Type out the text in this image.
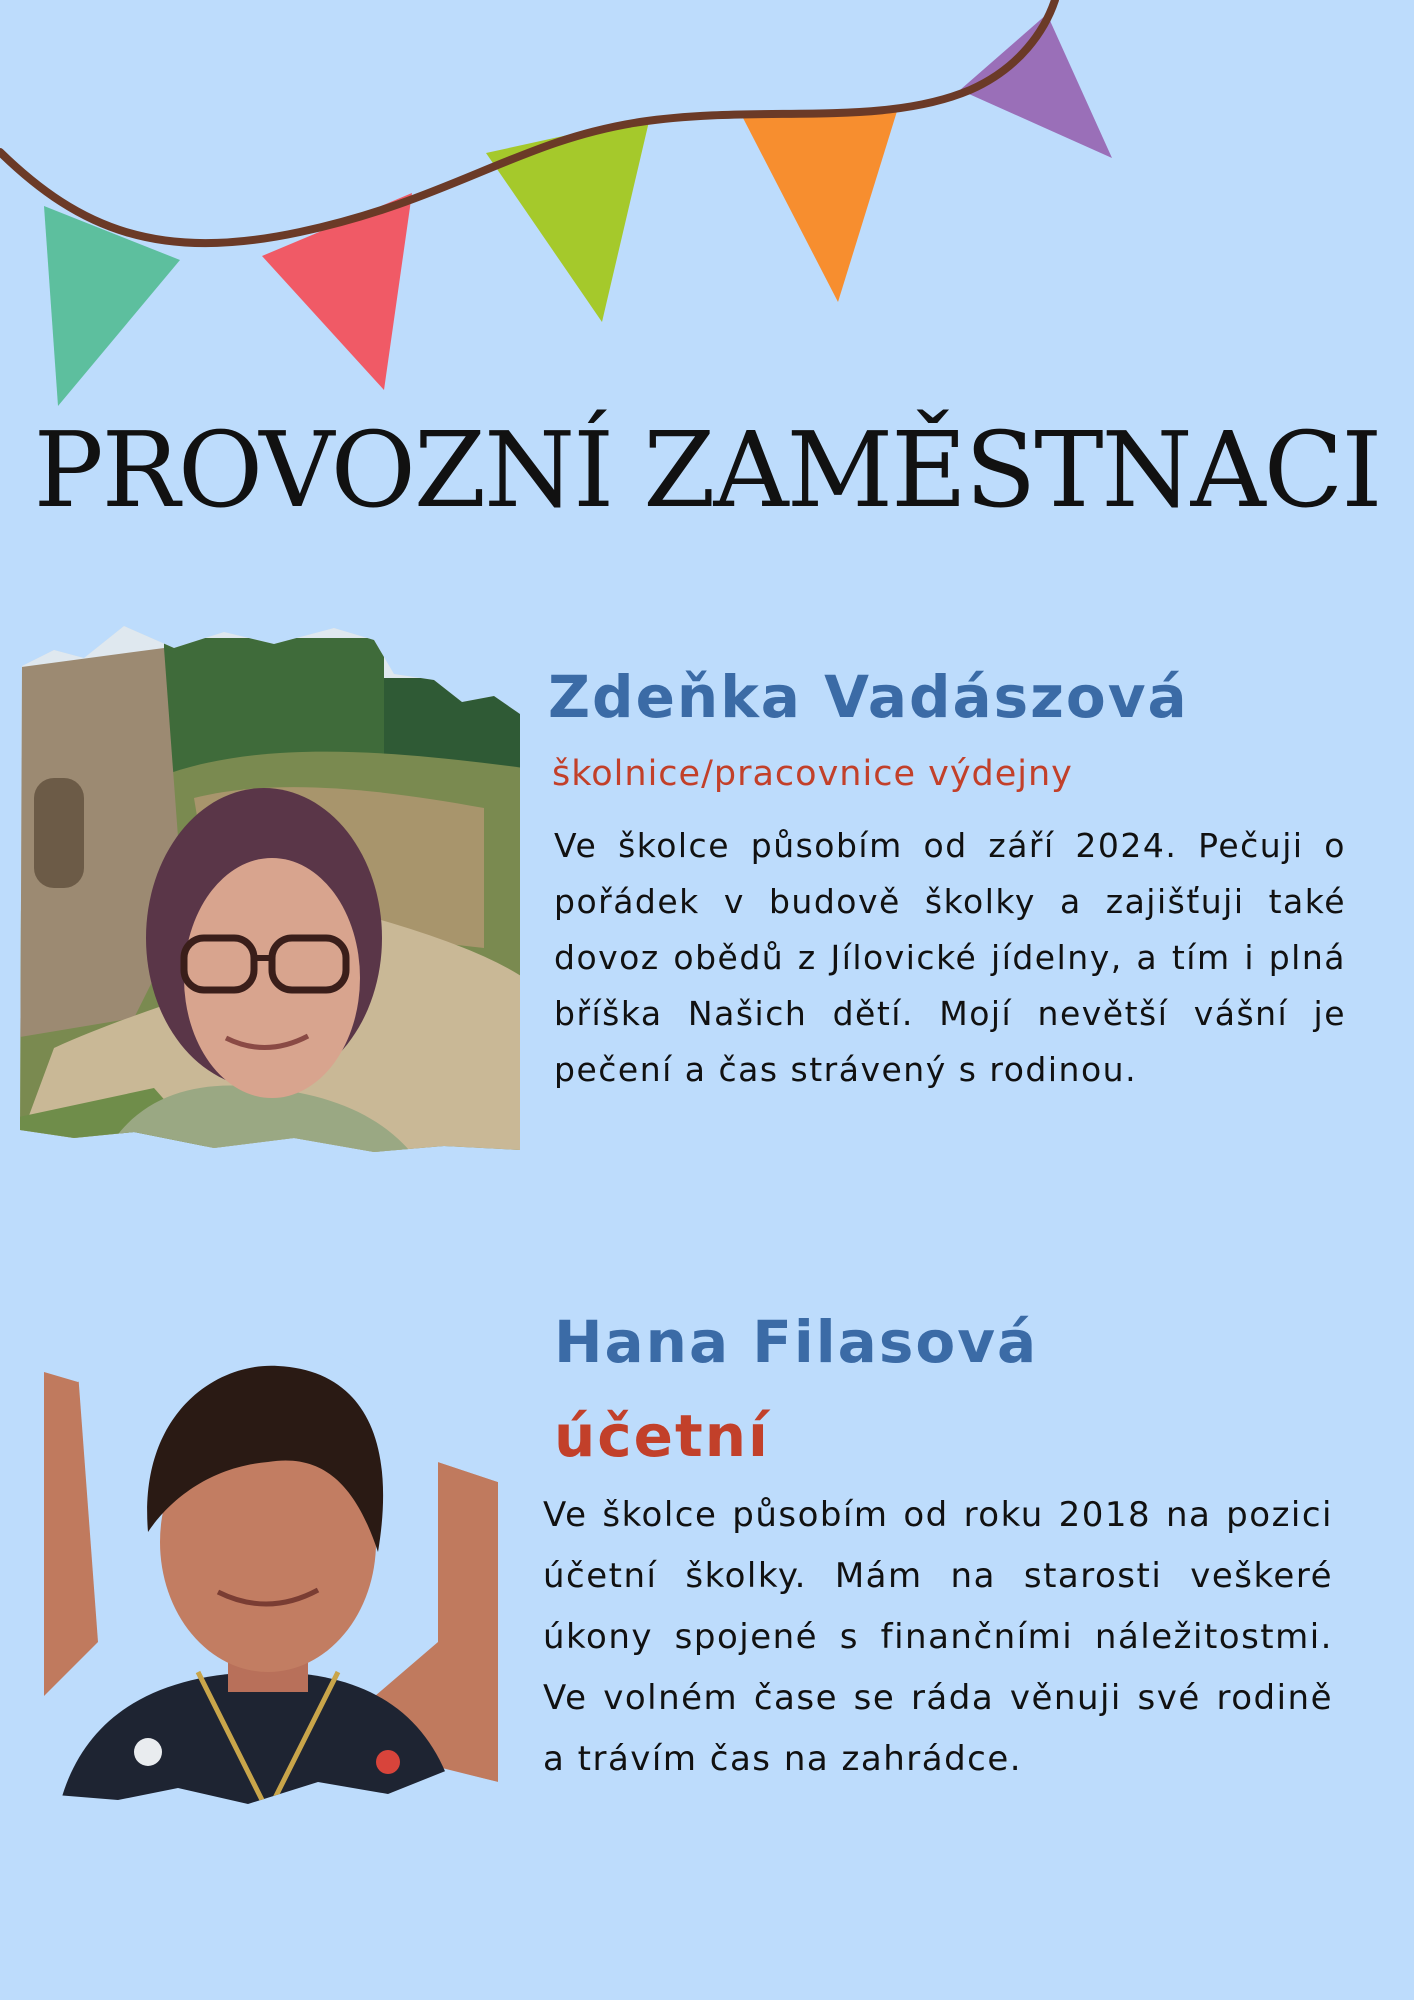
PROVOZNÍ ZAMĚSTNACI
Zdeňka Vadászová

školnice/pracovnice výdejny

Ve školce působím od září 2024. Pečuji o pořádek v budově školky a zajišťuji také dovoz obědů z Jílovické jídelny, a tím i plná bříška Našich dětí. Mojí nevětší vášní je pečení a čas strávený s rodinou.

Hana Filasová

účetní

Ve školce působím od roku 2018 na pozici účetní školky. Mám na starosti veškeré úkony spojené s finančními náležitostmi. Ve volném čase se ráda věnuji své rodině a trávím čas na zahrádce.
